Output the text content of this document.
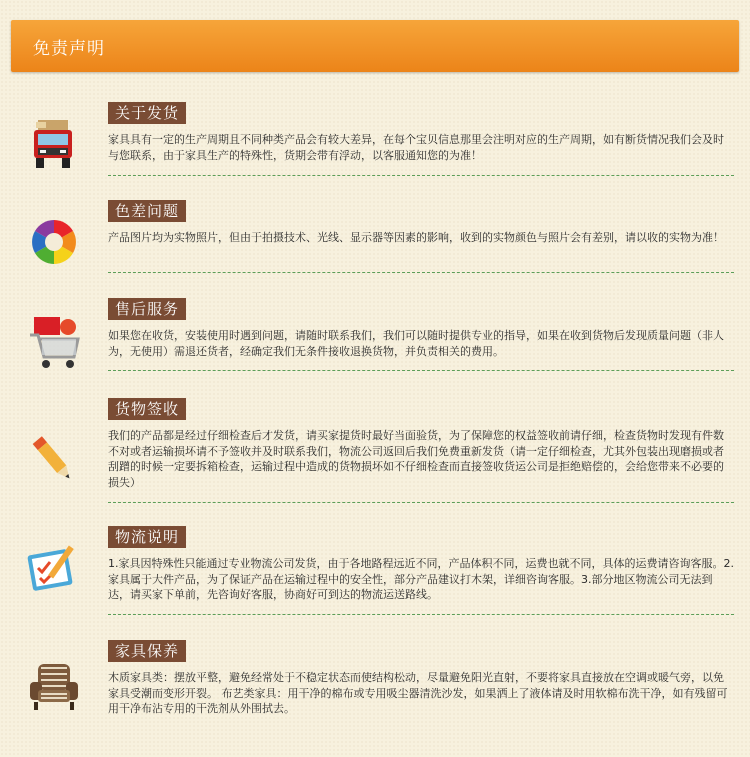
免责声明
关于发货
家具具有一定的生产周期且不同种类产品会有较大差异，在每个宝贝信息那里会注明对应的生产周期，如有断货情况我们会及时与您联系，由于家具生产的特殊性，货期会带有浮动，以客服通知您的为准！
色差问题
产品图片均为实物照片，但由于拍摄技术、光线、显示器等因素的影响，收到的实物颜色与照片会有差别，请以收的实物为准！
售后服务
如果您在收货，安装使用时遇到问题，请随时联系我们，我们可以随时提供专业的指导，如果在收到货物后发现质量问题（非人为，无使用）需退还货者，经确定我们无条件接收退换货物，并负责相关的费用。
货物签收
我们的产品都是经过仔细检查后才发货，请买家提货时最好当面验货，为了保障您的权益签收前请仔细，检查货物时发现有件数不对或者运输损坏请不予签收并及时联系我们，物流公司返回后我们免费重新发货（请一定仔细检查，尤其外包装出现磨损或者刮蹭的时候一定要拆箱检查，运输过程中造成的货物损坏如不仔细检查而直接签收货运公司是拒绝赔偿的，会给您带来不必要的损失）
物流说明
1.家具因特殊性只能通过专业物流公司发货，由于各地路程远近不同，产品体积不同，运费也就不同，具体的运费请咨询客服。2.家具属于大件产品，为了保证产品在运输过程中的安全性，部分产品建议打木架，详细咨询客服。3.部分地区物流公司无法到达，请买家下单前，先咨询好客服，协商好可到达的物流运送路线。
家具保养
木质家具类：摆放平整，避免经常处于不稳定状态而使结构松动，尽量避免阳光直射，不要将家具直接放在空调或暖气旁，以免家具受潮而变形开裂。 布艺类家具：用干净的棉布或专用吸尘器清洗沙发，如果洒上了液体请及时用软棉布洗干净，如有残留可用干净布沾专用的干洗剂从外围拭去。
